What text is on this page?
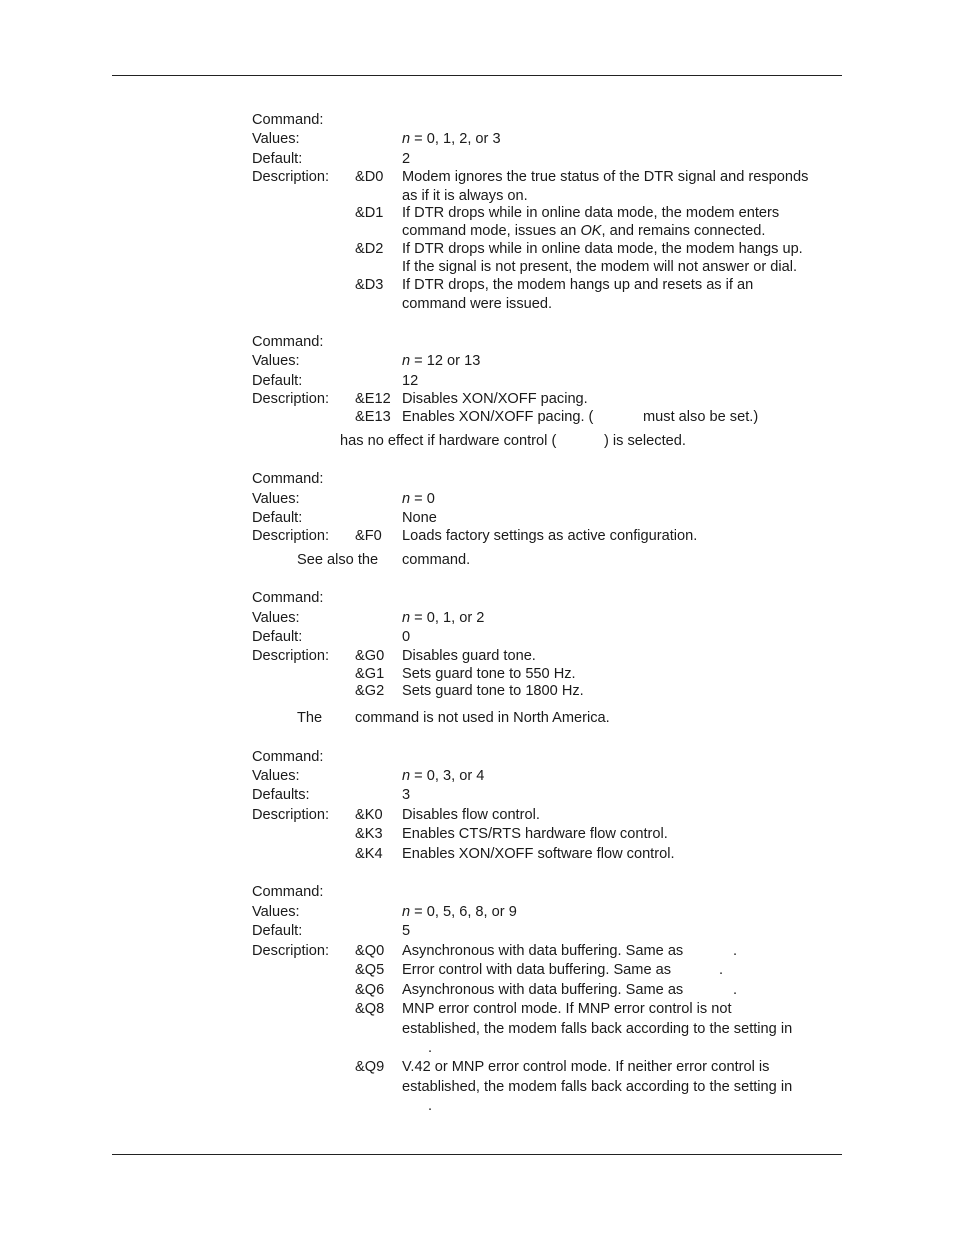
Command:
Values:	n = 0, 1, 2, or 3
Default:	2
Description: &D0 Modem ignores the true status of the DTR signal and responds
as if it is always on.
&D1 If DTR drops while in online data mode, the modem enters
command mode, issues an OK, and remains connected.
&D2 If DTR drops while in online data mode, the modem hangs up.
If the signal is not present, the modem will not answer or dial.
&D3 If DTR drops, the modem hangs up and resets as if an
command were issued.
Command:
Values:	n = 12 or 13
Default:	12
Description: &E12 Disables XON/XOFF pacing.
&E13 Enables XON/XOFF pacing. (	must also be set.)
has no effect if hardware control (	) is selected.
Command:
Values:	n = 0
Default:	None
Description: &F0 Loads factory settings as active configuration.
See also the command.
Command:
Values:	n = 0, 1, or 2
Default:	0
Description: &G0 Disables guard tone.
&G1 Sets guard tone to 550 Hz.
&G2 Sets guard tone to 1800 Hz.
The command is not used in North America.
Command:
Values:	n = 0, 3, or 4
Defaults:	3
Description: &K0 Disables flow control.
&K3 Enables CTS/RTS hardware flow control.
&K4 Enables XON/XOFF software flow control.
Command:
Values:	n = 0, 5, 6, 8, or 9
Default:	5
Description: &Q0 Asynchronous with data buffering. Same as	.
&Q5 Error control with data buffering. Same as	.
&Q6 Asynchronous with data buffering. Same as	.
&Q8 MNP error control mode. If MNP error control is not
established, the modem falls back according to the setting in
.
&Q9 V.42 or MNP error control mode. If neither error control is
established, the modem falls back according to the setting in
.
